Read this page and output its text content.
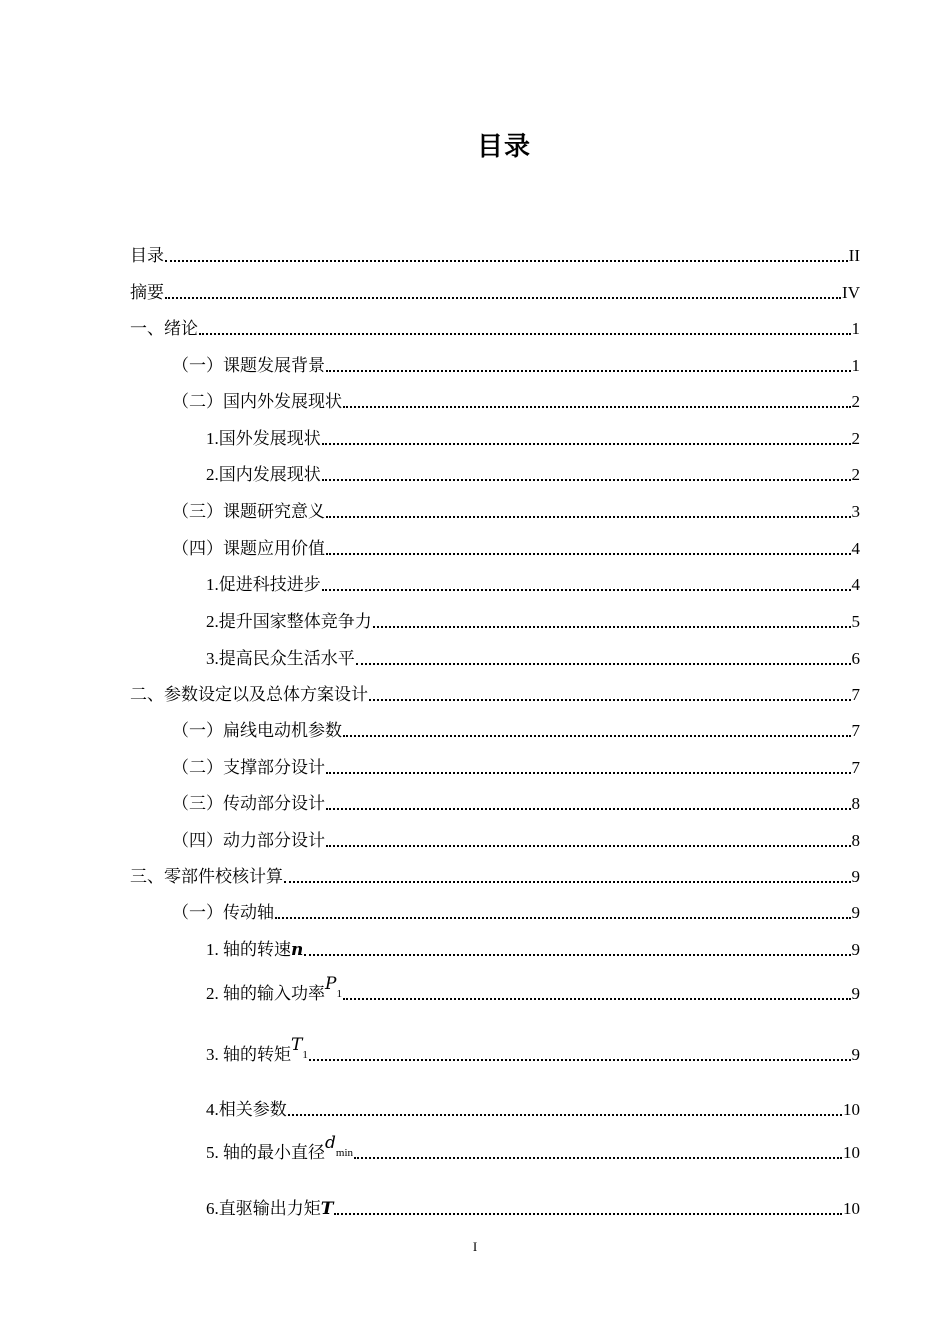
目录
目录	II
摘要	IV
一、绪论	1
（一）课题发展背景	1
（二）国内外发展现状	2
1.国外发展现状	2
2.国内发展现状	2
（三）课题研究意义	3
（四）课题应用价值	4
1.促进科技进步	4
2.提升国家整体竞争力	5
3.提高民众生活水平	6
二、参数设定以及总体方案设计	7
（一）扁线电动机参数	7
（二）支撑部分设计	7
（三）传动部分设计	8
（四）动力部分设计	8
三、零部件校核计算	9
（一）传动轴	9
1. 轴的转速 n	9
2. 轴的输入功率 P 1	9
3. 轴的转矩 T 1	9
4.相关参数	10
5. 轴的最小直径 d min	10
6.直驱输出力矩 T	10
I
